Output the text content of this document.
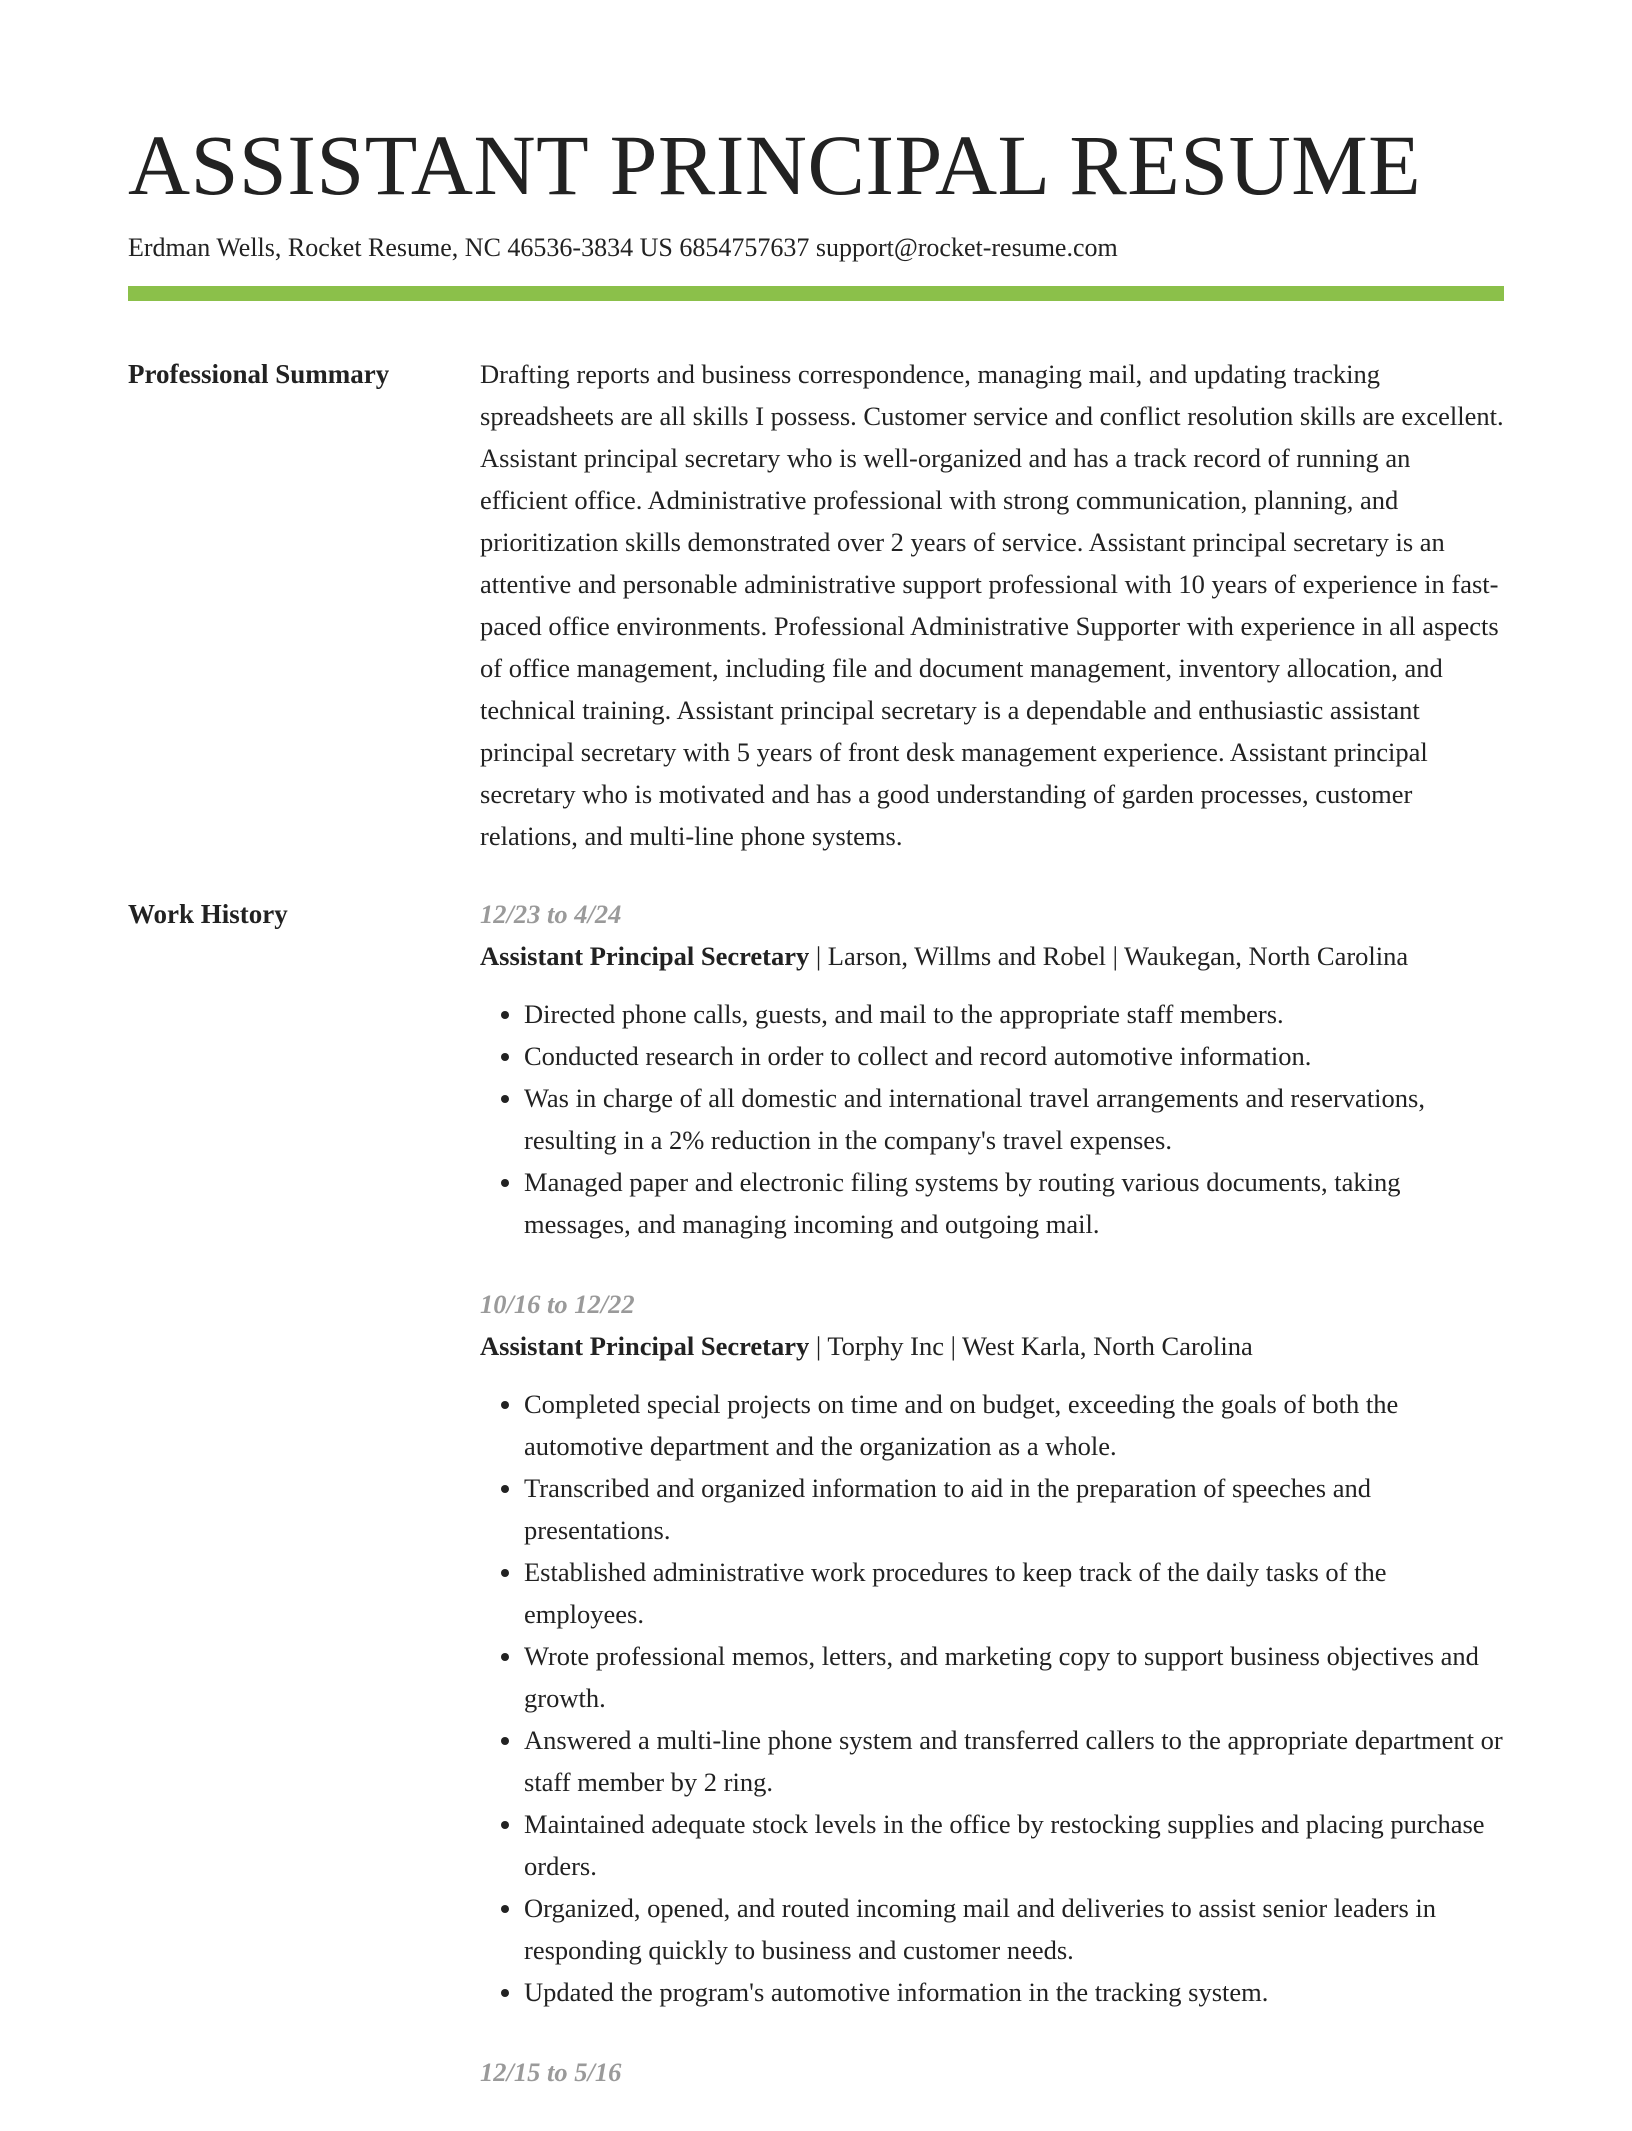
ASSISTANT PRINCIPAL RESUME
Erdman Wells, Rocket Resume, NC 46536-3834 US 6854757637 support@rocket-resume.com
Professional Summary	Drafting reports and business correspondence, managing mail, and updating tracking spreadsheets are all skills I possess. Customer service and conflict resolution skills are excellent. Assistant principal secretary who is well-organized and has a track record of running an efficient office. Administrative professional with strong communication, planning, and prioritization skills demonstrated over 2 years of service. Assistant principal secretary is an attentive and personable administrative support professional with 10 years of experience in fast-paced office environments. Professional Administrative Supporter with experience in all aspects of office management, including file and document management, inventory allocation, and technical training. Assistant principal secretary is a dependable and enthusiastic assistant principal secretary with 5 years of front desk management experience. Assistant principal secretary who is motivated and has a good understanding of garden processes, customer relations, and multi-line phone systems.

Work History	12/23 to 4/24
Assistant Principal Secretary | Larson, Willms and Robel | Waukegan, North Carolina
• Directed phone calls, guests, and mail to the appropriate staff members.
• Conducted research in order to collect and record automotive information.
• Was in charge of all domestic and international travel arrangements and reservations, resulting in a 2% reduction in the company's travel expenses.
• Managed paper and electronic filing systems by routing various documents, taking messages, and managing incoming and outgoing mail.
10/16 to 12/22
Assistant Principal Secretary | Torphy Inc | West Karla, North Carolina
• Completed special projects on time and on budget, exceeding the goals of both the automotive department and the organization as a whole.
• Transcribed and organized information to aid in the preparation of speeches and presentations.
• Established administrative work procedures to keep track of the daily tasks of the employees.
• Wrote professional memos, letters, and marketing copy to support business objectives and growth.
• Answered a multi-line phone system and transferred callers to the appropriate department or staff member by 2 ring.
• Maintained adequate stock levels in the office by restocking supplies and placing purchase orders.
• Organized, opened, and routed incoming mail and deliveries to assist senior leaders in responding quickly to business and customer needs.
• Updated the program's automotive information in the tracking system.
12/15 to 5/16
